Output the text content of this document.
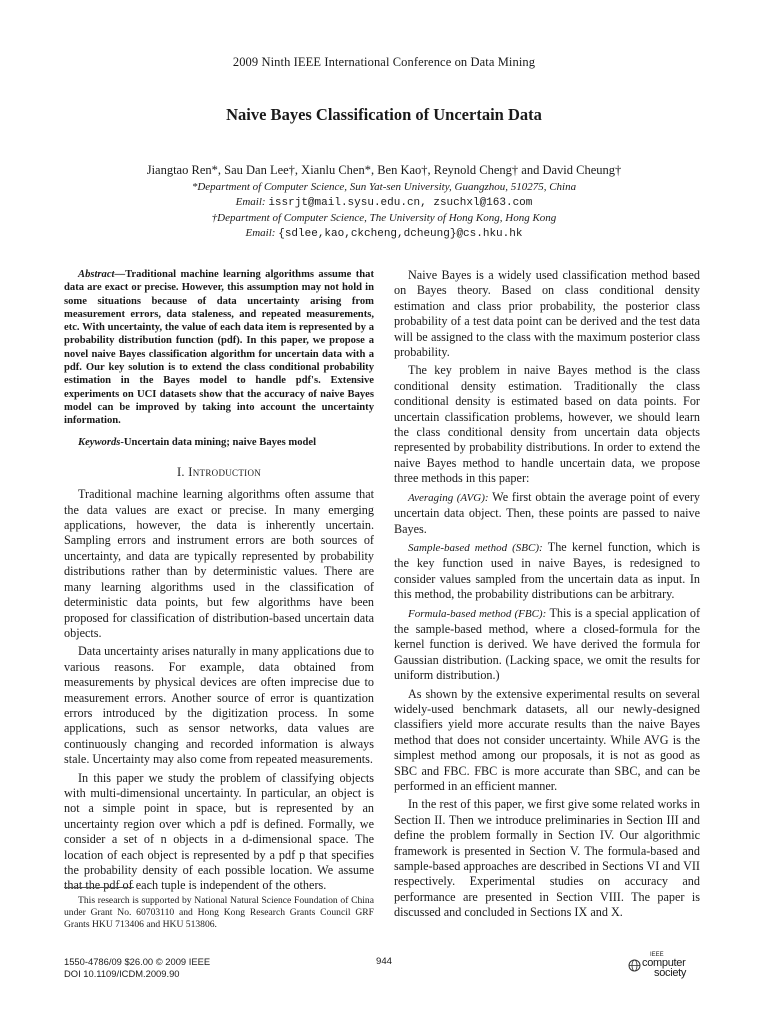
2009 Ninth IEEE International Conference on Data Mining
Naive Bayes Classification of Uncertain Data
Jiangtao Ren*, Sau Dan Lee†, Xianlu Chen*, Ben Kao†, Reynold Cheng† and David Cheung†
*Department of Computer Science, Sun Yat-sen University, Guangzhou, 510275, China
Email: issrjt@mail.sysu.edu.cn, zsuchxl@163.com
†Department of Computer Science, The University of Hong Kong, Hong Kong
Email: {sdlee,kao,ckcheng,dcheung}@cs.hku.hk

Abstract—Traditional machine learning algorithms assume that data are exact or precise. However, this assumption may not hold in some situations because of data uncertainty arising from measurement errors, data staleness, and repeated measurements, etc. With uncertainty, the value of each data item is represented by a probability distribution function (pdf). In this paper, we propose a novel naive Bayes classification algorithm for uncertain data with a pdf. Our key solution is to extend the class conditional probability estimation in the Bayes model to handle pdf's. Extensive experiments on UCI datasets show that the accuracy of naive Bayes model can be improved by taking into account the uncertainty information.

Keywords-Uncertain data mining; naive Bayes model

I. Introduction

Traditional machine learning algorithms often assume that the data values are exact or precise. In many emerging applications, however, the data is inherently uncertain. Sampling errors and instrument errors are both sources of uncertainty, and data are typically represented by probability distributions rather than by deterministic values. There are many learning algorithms used in the classification of deterministic data points, but few algorithms have been proposed for classification of distribution-based uncertain data objects.

Data uncertainty arises naturally in many applications due to various reasons. For example, data obtained from measurements by physical devices are often imprecise due to measurement errors. Another source of error is quantization errors introduced by the digitization process. In some applications, such as sensor networks, data values are continuously changing and recorded information is always stale. Uncertainty may also come from repeated measurements.

In this paper we study the problem of classifying objects with multi-dimensional uncertainty. In particular, an object is not a simple point in space, but is represented by an uncertainty region over which a pdf is defined. Formally, we consider a set of n objects in a d-dimensional space. The location of each object is represented by a pdf p that specifies the probability density of each possible location. We assume that the pdf of each tuple is independent of the others.

This research is supported by National Natural Science Foundation of China under Grant No. 60703110 and Hong Kong Research Grants Council GRF Grants HKU 713406 and HKU 513806.

Naive Bayes is a widely used classification method based on Bayes theory. Based on class conditional density estimation and class prior probability, the posterior class probability of a test data point can be derived and the test data will be assigned to the class with the maximum posterior class probability.

The key problem in naive Bayes method is the class conditional density estimation. Traditionally the class conditional density is estimated based on data points. For uncertain classification problems, however, we should learn the class conditional density from uncertain data objects represented by probability distributions. In order to extend the naive Bayes method to handle uncertain data, we propose three methods in this paper:

Averaging (AVG): We first obtain the average point of every uncertain data object. Then, these points are passed to naive Bayes.

Sample-based method (SBC): The kernel function, which is the key function used in naive Bayes, is redesigned to consider values sampled from the uncertain data as input. In this method, the probability distributions can be arbitrary.

Formula-based method (FBC): This is a special application of the sample-based method, where a closed-formula for the kernel function is derived. We have derived the formula for Gaussian distribution. (Lacking space, we omit the results for uniform distribution.)

As shown by the extensive experimental results on several widely-used benchmark datasets, all our newly-designed classifiers yield more accurate results than the naive Bayes method that does not consider uncertainty. While AVG is the simplest method among our proposals, it is not as good as SBC and FBC. FBC is more accurate than SBC, and can be performed in an efficient manner.

In the rest of this paper, we first give some related works in Section II. Then we introduce preliminaries in Section III and define the problem formally in Section IV. Our algorithmic framework is presented in Section V. The formula-based and sample-based approaches are described in Sections VI and VII respectively. Experimental studies on accuracy and performance are presented in Section VIII. The paper is discussed and concluded in Sections IX and X.

1550-4786/09 $26.00 © 2009 IEEE
DOI 10.1109/ICDM.2009.90
944
IEEE
computer
society
